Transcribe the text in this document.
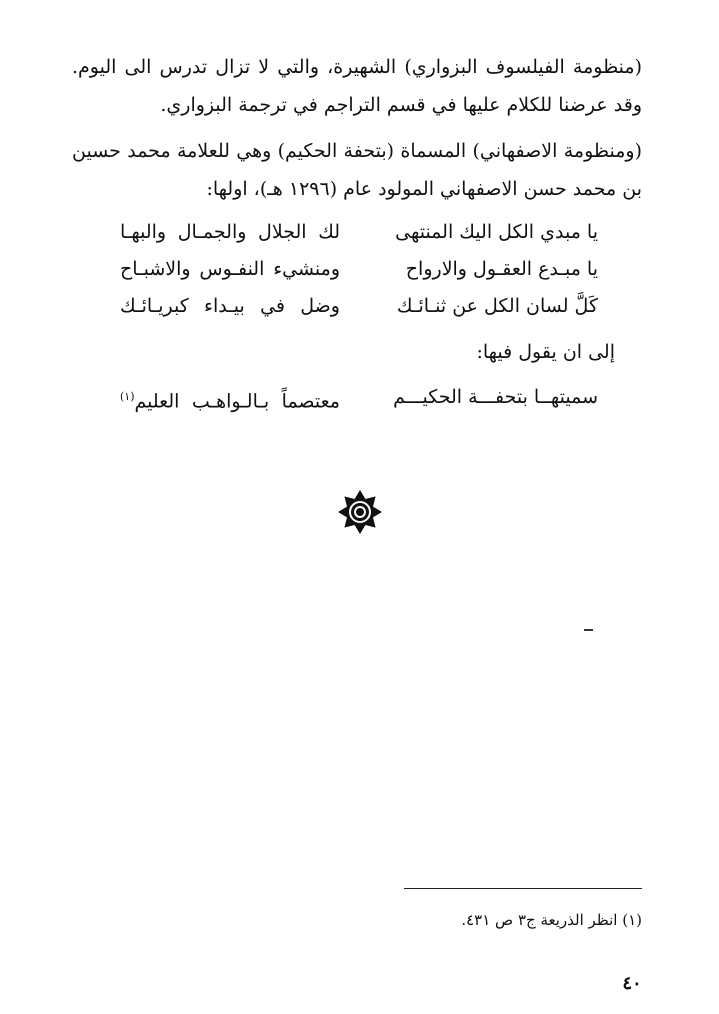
(منظومة الفيلسوف البزواري) الشهيرة، والتي لا تزال تدرس الى اليوم. وقد عرضنا للكلام عليها في قسم التراجم في ترجمة البزواري.

(ومنظومة الاصفهاني) المسماة (بتحفة الحكيم) وهي للعلامة محمد حسين بن محمد حسن الاصفهاني المولود عام (١٢٩٦ هـ)، اولها:

يا مبدي الكل اليك المنتهى
لك الجلال والجمـال والبهـا
يا مبـدع العقـول والارواح
ومنشيء النفـوس والاشبـاح
كَلَّ لسان الكل عن ثنـائـك
وضل في بيـداء كبريـائـك
إلى ان يقول فيها:
سميتهــا بتحفـــة الحكيـــم
معتصماً بـالـواهـب العليم$^{(١)}$
(١) انظر الذريعة ج٣ ص ٤٣١.
٤٠
